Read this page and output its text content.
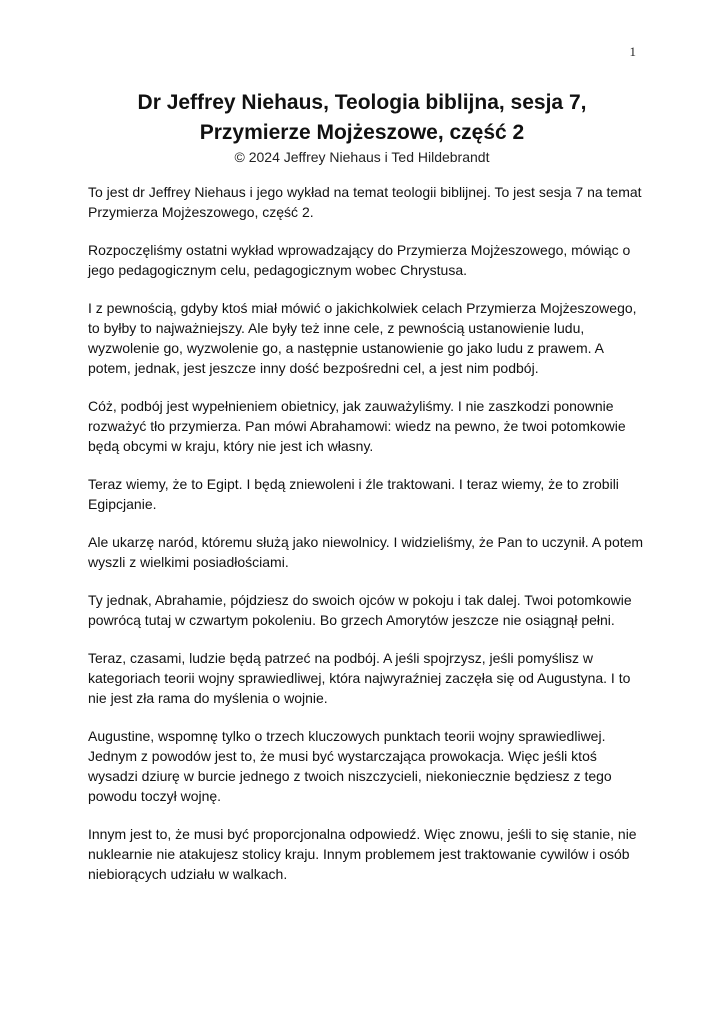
1
Dr Jeffrey Niehaus, Teologia biblijna, sesja 7,
Przymierze Mojżeszowe, część 2

© 2024 Jeffrey Niehaus i Ted Hildebrandt

To jest dr Jeffrey Niehaus i jego wykład na temat teologii biblijnej. To jest sesja 7 na temat Przymierza Mojżeszowego, część 2.

Rozpoczęliśmy ostatni wykład wprowadzający do Przymierza Mojżeszowego, mówiąc o jego pedagogicznym celu, pedagogicznym wobec Chrystusa.

I z pewnością, gdyby ktoś miał mówić o jakichkolwiek celach Przymierza Mojżeszowego, to byłby to najważniejszy. Ale były też inne cele, z pewnością ustanowienie ludu, wyzwolenie go, wyzwolenie go, a następnie ustanowienie go jako ludu z prawem. A potem, jednak, jest jeszcze inny dość bezpośredni cel, a jest nim podbój.

Cóż, podbój jest wypełnieniem obietnicy, jak zauważyliśmy. I nie zaszkodzi ponownie rozważyć tło przymierza. Pan mówi Abrahamowi: wiedz na pewno, że twoi potomkowie będą obcymi w kraju, który nie jest ich własny.

Teraz wiemy, że to Egipt. I będą zniewoleni i źle traktowani. I teraz wiemy, że to zrobili Egipcjanie.

Ale ukarzę naród, któremu służą jako niewolnicy. I widzieliśmy, że Pan to uczynił. A potem wyszli z wielkimi posiadłościami.

Ty jednak, Abrahamie, pójdziesz do swoich ojców w pokoju i tak dalej. Twoi potomkowie powrócą tutaj w czwartym pokoleniu. Bo grzech Amorytów jeszcze nie osiągnął pełni.

Teraz, czasami, ludzie będą patrzeć na podbój. A jeśli spojrzysz, jeśli pomyślisz w kategoriach teorii wojny sprawiedliwej, która najwyraźniej zaczęła się od Augustyna. I to nie jest zła rama do myślenia o wojnie.

Augustine, wspomnę tylko o trzech kluczowych punktach teorii wojny sprawiedliwej. Jednym z powodów jest to, że musi być wystarczająca prowokacja. Więc jeśli ktoś wysadzi dziurę w burcie jednego z twoich niszczycieli, niekoniecznie będziesz z tego powodu toczył wojnę.

Innym jest to, że musi być proporcjonalna odpowiedź. Więc znowu, jeśli to się stanie, nie nuklearnie nie atakujesz stolicy kraju. Innym problemem jest traktowanie cywilów i osób niebiorących udziału w walkach.
